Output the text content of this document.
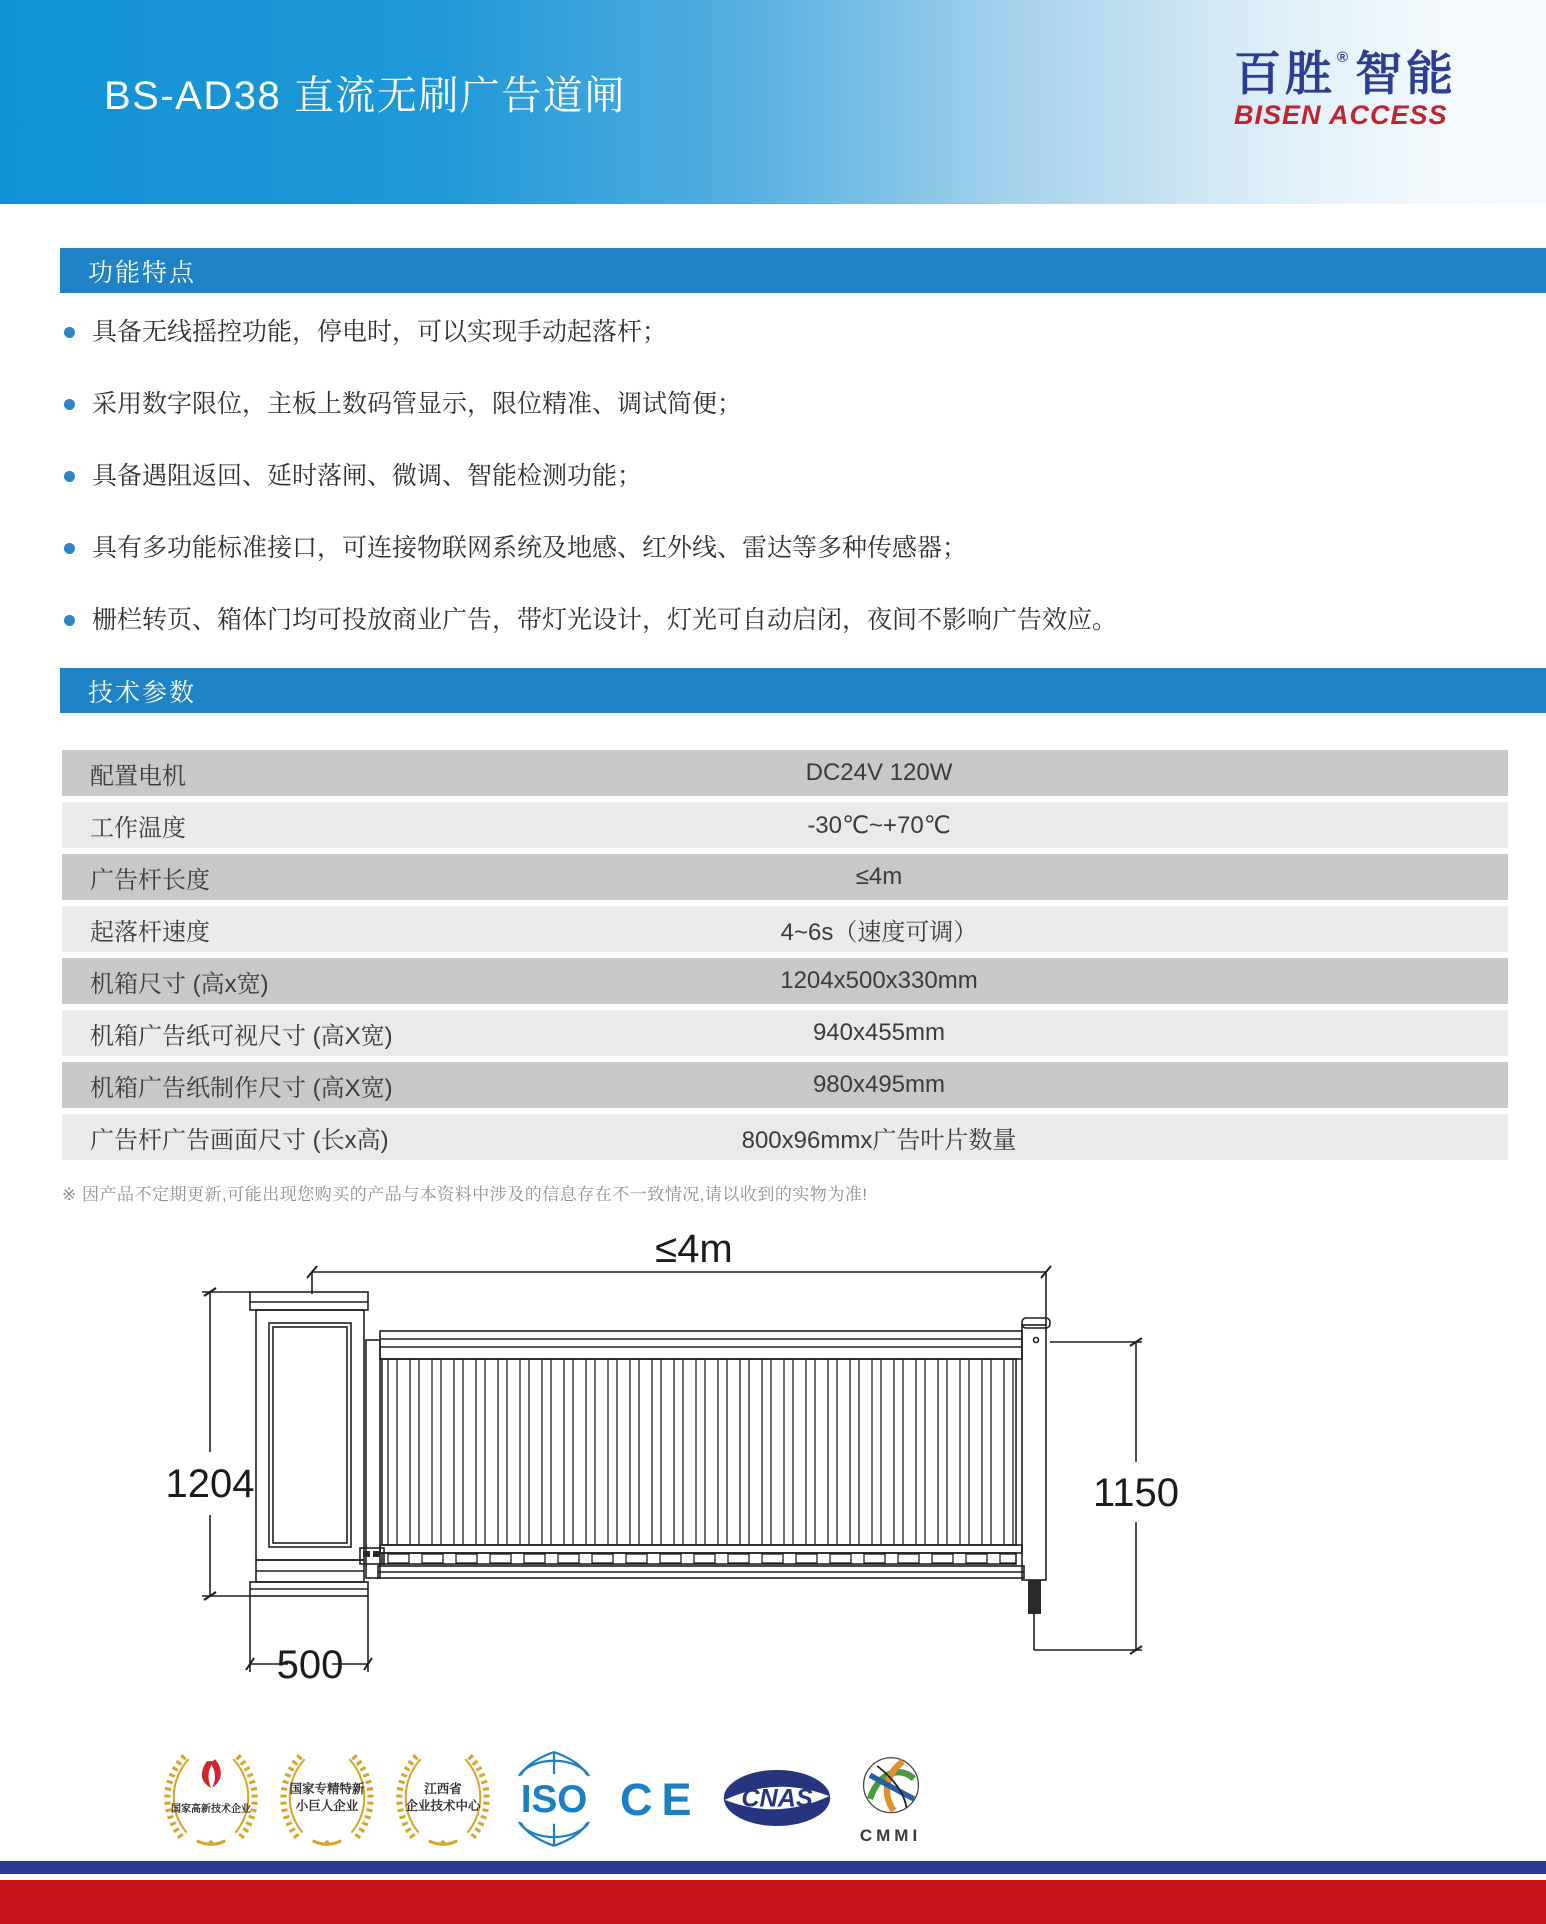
BS-AD38 直流无刷广告道闸	百胜 ® 智能
BISEN ACCESS
功能特点
具备无线摇控功能，停电时，可以实现手动起落杆；
采用数字限位，主板上数码管显示，限位精准、调试简便；
具备遇阻返回、延时落闸、微调、智能检测功能；
具有多功能标准接口，可连接物联网系统及地感、红外线、雷达等多种传感器；
栅栏转页、箱体门均可投放商业广告，带灯光设计，灯光可自动启闭，夜间不影响广告效应。
技术参数
配置电机	DC24V 120W
工作温度	-30℃~+70℃
广告杆长度	≤4m
起落杆速度	4~6s（速度可调）
机箱尺寸 (高x宽)	1204x500x330mm
机箱广告纸可视尺寸 (高X宽)	940x455mm
机箱广告纸制作尺寸 (高X宽)	980x495mm
广告杆广告画面尺寸 (长x高)	800x96mmx广告叶片数量
※ 因产品不定期更新,可能出现您购买的产品与本资料中涉及的信息存在不一致情况,请以收到的实物为准!
≤4m
1204	1150
500
国家高新技术企业
国家专精特新
小巨人企业
江西省
企业技术中心 ISO CE CNAS
CMMI
